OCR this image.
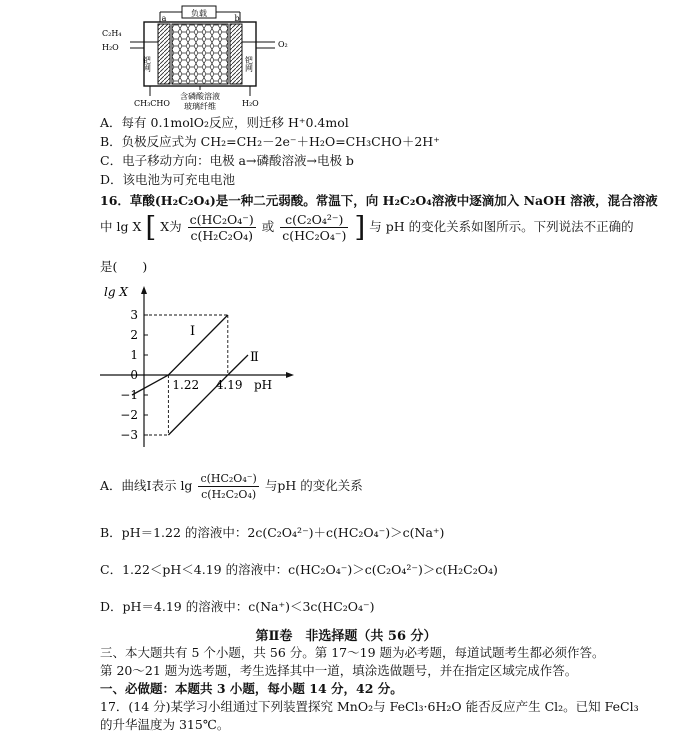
负载
a	b
C₂H₄
H₂O	O₂
钯网	钯网
CH₃CHO	H₂O
含磷酸溶液
玻璃纤维
A．每有 0.1molO₂反应，则迁移 H⁺0.4mol
B．负极反应式为 CH₂=CH₂－2e⁻＋H₂O=CH₃CHO＋2H⁺
C．电子移动方向：电极 a→磷酸溶液→电极 b
D．该电池为可充电电池
16．草酸(H₂C₂O₄)是一种二元弱酸。常温下，向 H₂C₂O₄溶液中逐滴加入 NaOH 溶液，混合溶液
中 lg X [ X为 $\frac{\text{c(HC₂O₄⁻)}}{\text{c(H₂C₂O₄)}}$ 或 $\frac{\text{c(C₂O₄²⁻)}}{\text{c(HC₂O₄⁻)}}$ ] 与 pH 的变化关系如图所示。下列说法不正确的
是(　　)
lg X
pH
3
2
1
0
−1
−2
−3
1.22 4.19
Ⅰ
Ⅱ
A．曲线Ⅰ表示 $\lg \frac{\text{c(HC₂O₄⁻)}}{\text{c(H₂C₂O₄)}}$ 与pH 的变化关系
B．pH＝1.22 的溶液中：2c(C₂O₄²⁻)＋c(HC₂O₄⁻)＞c(Na⁺)
C．1.22＜pH＜4.19 的溶液中：c(HC₂O₄⁻)＞c(C₂O₄²⁻)＞c(H₂C₂O₄)
D．pH＝4.19 的溶液中：c(Na⁺)＜3c(HC₂O₄⁻)
第Ⅱ卷　非选择题（共 56 分）
三、本大题共有 5 个小题，共 56 分。第 17～19 题为必考题，每道试题考生都必须作答。
第 20～21 题为选考题，考生选择其中一道，填涂选做题号，并在指定区域完成作答。
一、必做题：本题共 3 小题，每小题 14 分，42 分。
17．(14 分)某学习小组通过下列装置探究 MnO₂与 FeCl₃·6H₂O 能否反应产生 Cl₂。已知 FeCl₃
的升华温度为 315℃。
